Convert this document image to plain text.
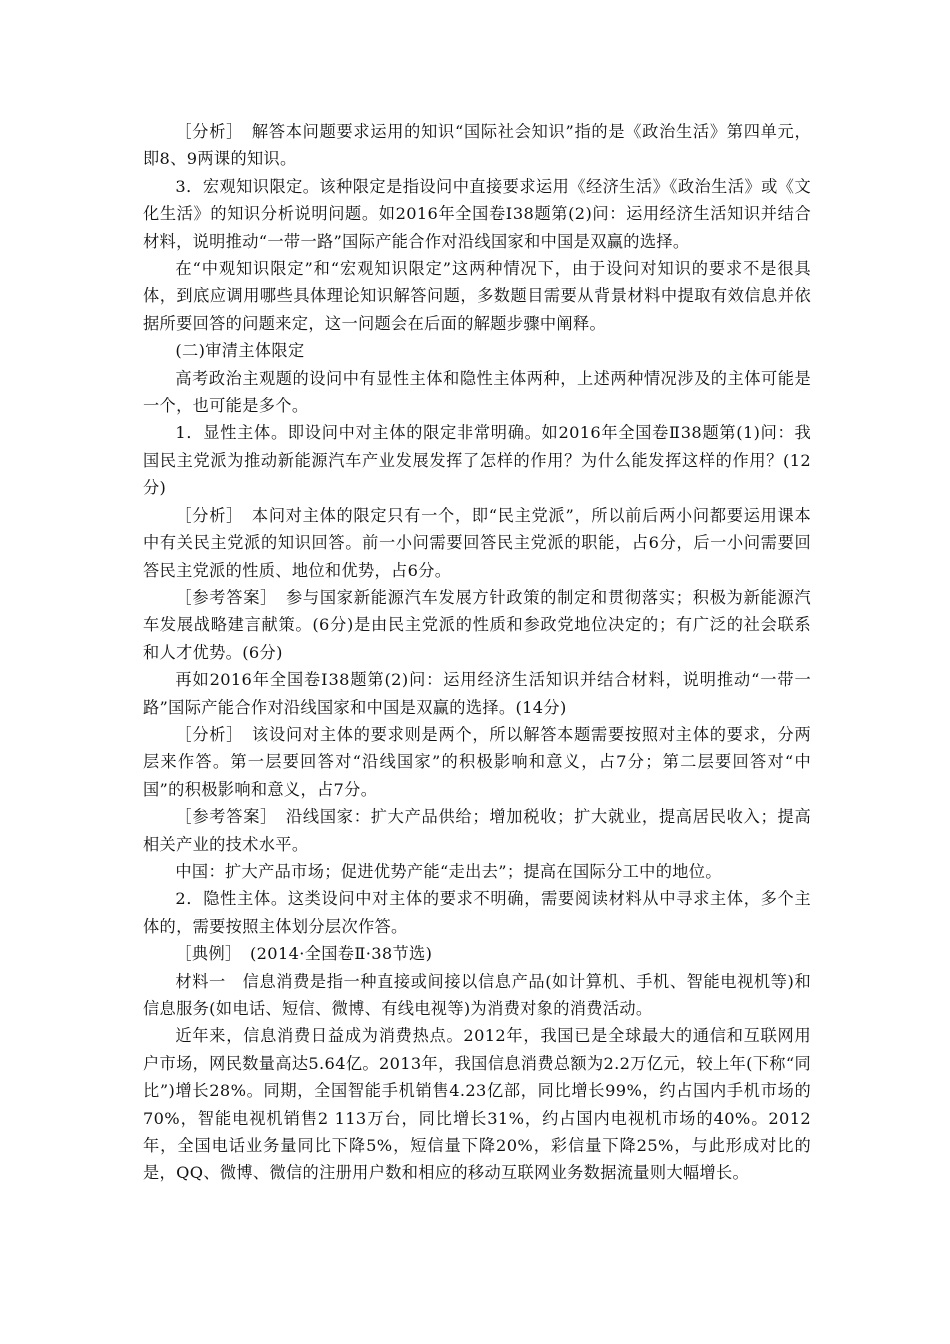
［分析］　解答本问题要求运用的知识“国际社会知识”指的是《政治生活》第四单元，即8、9两课的知识。

3．宏观知识限定。该种限定是指设问中直接要求运用《经济生活》《政治生活》或《文化生活》的知识分析说明问题。如2016年全国卷Ⅰ38题第(2)问：运用经济生活知识并结合材料，说明推动“一带一路”国际产能合作对沿线国家和中国是双赢的选择。

在“中观知识限定”和“宏观知识限定”这两种情况下，由于设问对知识的要求不是很具体，到底应调用哪些具体理论知识解答问题，多数题目需要从背景材料中提取有效信息并依据所要回答的问题来定，这一问题会在后面的解题步骤中阐释。

(二)审清主体限定

高考政治主观题的设问中有显性主体和隐性主体两种，上述两种情况涉及的主体可能是一个，也可能是多个。

1．显性主体。即设问中对主体的限定非常明确。如2016年全国卷Ⅱ38题第(1)问：我国民主党派为推动新能源汽车产业发展发挥了怎样的作用？为什么能发挥这样的作用？(12分)

［分析］　本问对主体的限定只有一个，即“民主党派”，所以前后两小问都要运用课本中有关民主党派的知识回答。前一小问需要回答民主党派的职能，占6分，后一小问需要回答民主党派的性质、地位和优势，占6分。

［参考答案］　参与国家新能源汽车发展方针政策的制定和贯彻落实；积极为新能源汽车发展战略建言献策。(6分)是由民主党派的性质和参政党地位决定的；有广泛的社会联系和人才优势。(6分)

再如2016年全国卷Ⅰ38题第(2)问：运用经济生活知识并结合材料，说明推动“一带一路”国际产能合作对沿线国家和中国是双赢的选择。(14分)

［分析］　该设问对主体的要求则是两个，所以解答本题需要按照对主体的要求，分两层来作答。第一层要回答对“沿线国家”的积极影响和意义，占7分；第二层要回答对“中国”的积极影响和意义，占7分。

［参考答案］　沿线国家：扩大产品供给；增加税收；扩大就业，提高居民收入；提高相关产业的技术水平。

中国：扩大产品市场；促进优势产能“走出去”；提高在国际分工中的地位。

2．隐性主体。这类设问中对主体的要求不明确，需要阅读材料从中寻求主体，多个主体的，需要按照主体划分层次作答。

［典例］　(2014·全国卷Ⅱ·38节选)

材料一　信息消费是指一种直接或间接以信息产品(如计算机、手机、智能电视机等)和信息服务(如电话、短信、微博、有线电视等)为消费对象的消费活动。

近年来，信息消费日益成为消费热点。2012年，我国已是全球最大的通信和互联网用户市场，网民数量高达5.64亿。2013年，我国信息消费总额为2.2万亿元，较上年(下称“同比”)增长28%。同期，全国智能手机销售4.23亿部，同比增长99%，约占国内手机市场的70%，智能电视机销售2 113万台，同比增长31%，约占国内电视机市场的40%。2012年，全国电话业务量同比下降5%，短信量下降20%，彩信量下降25%，与此形成对比的是，QQ、微博、微信的注册用户数和相应的移动互联网业务数据流量则大幅增长。
